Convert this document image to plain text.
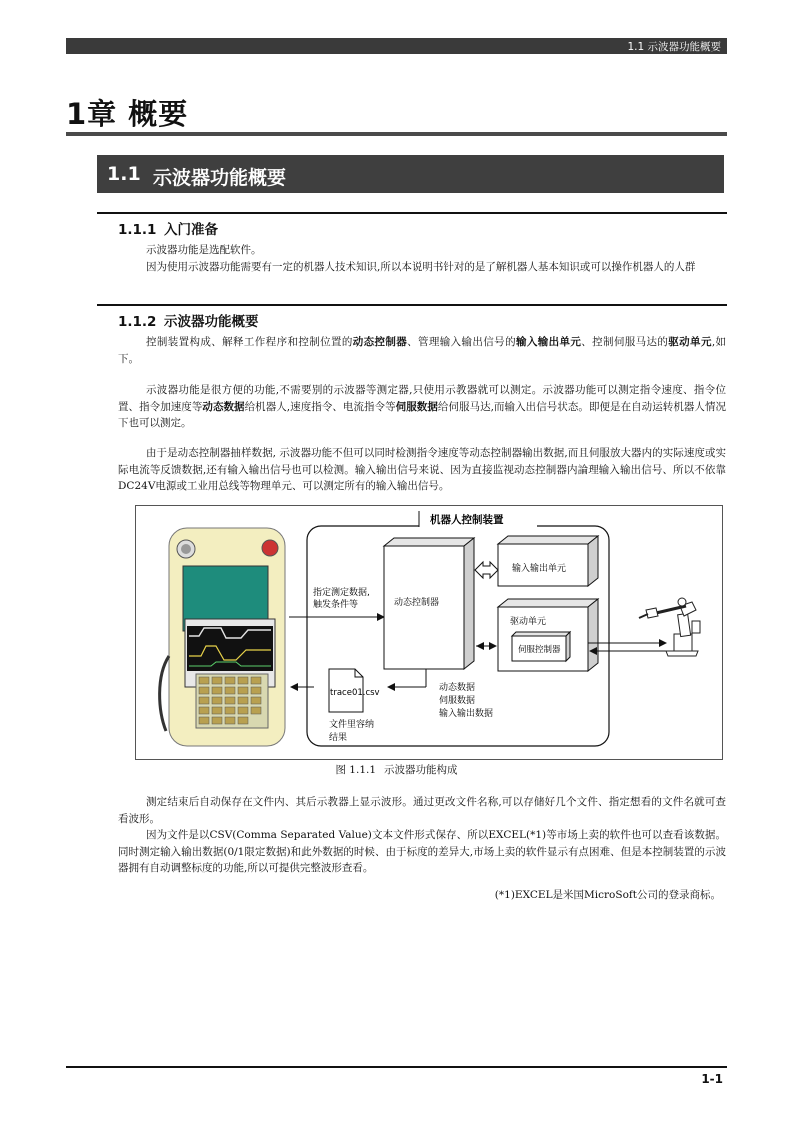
1.1 示波器功能概要
1章 概要
1.1 示波器功能概要
1.1.1 入门准备

示波器功能是选配软件。

因为使用示波器功能需要有一定的机器人技术知识,所以本说明书针对的是了解机器人基本知识或可以操作机器人的人群

1.1.2 示波器功能概要

控制装置构成、解释工作程序和控制位置的动态控制器、管理输入输出信号的输入输出单元、控制伺服马达的驱动单元,如下。

示波器功能是很方便的功能,不需要别的示波器等测定器,只使用示教器就可以测定。示波器功能可以测定指令速度、指令位置、指令加速度等动态数据给机器人,速度指令、电流指令等伺服数据给伺服马达,而输入出信号状态。即便是在自动运转机器人情况下也可以测定。

由于是动态控制器抽样数据, 示波器功能不但可以同时检测指令速度等动态控制器输出数据,而且伺服放大器内的实际速度或实际电流等反馈数据,还有输入输出信号也可以检测。输入输出信号来说、因为直接监视动态控制器内論理输入输出信号、所以不依靠DC24V电源或工业用总线等物理单元、可以测定所有的输入输出信号。

机器人控制装置
指定测定数据,
触发条件等	动态控制器
输入输出单元
驱动单元
伺服控制器
trace01.csv
文件里容纳
结果
动态数据
伺服数据
输入输出数据
图 1.1.1 示波器功能构成

测定结束后自动保存在文件内、其后示教器上显示波形。通过更改文件名称,可以存储好几个文件、指定想看的文件名就可查看波形。

因为文件是以CSV(Comma Separated Value)文本文件形式保存、所以EXCEL(*1)等市场上卖的软件也可以查看该数据。同时测定输入输出数据(0/1限定数据)和此外数据的时候、由于标度的差异大,市场上卖的软件显示有点困难、但是本控制装置的示波器拥有自动调整标度的功能,所以可提供完整波形查看。

(*1)EXCEL是米国MicroSoft公司的登录商标。
1-1
